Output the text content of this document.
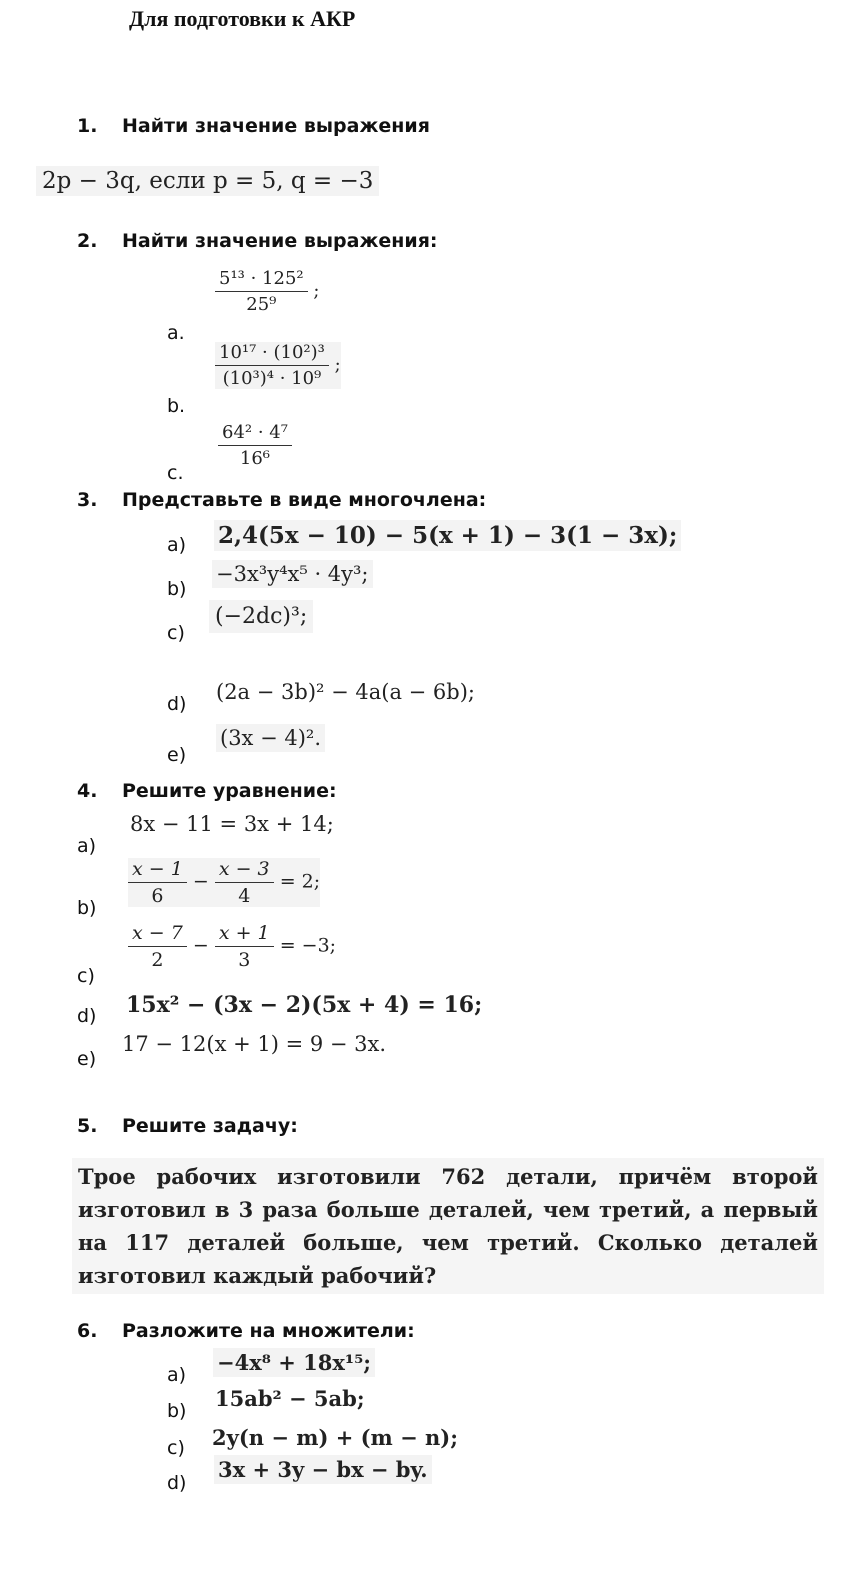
Для подготовки к АКР
1. Найти значение выражения
2p − 3q, если p = 5, q = −3
2. Найти значение выражения:
a.
$\frac{\text{5¹³ · 125²}}{\text{25⁹}}$ ;
b.
$\frac{\text{10¹⁷ · (10²)³}}{\text{(10³)⁴ · 10⁹}}$ ;
c.
$\frac{\text{64² · 4⁷}}{\text{16⁶}}$
3. Представьте в виде многочлена:
a) 2,4(5x − 10) − 5(x + 1) − 3(1 − 3x);
b)
−3x³y⁴x⁵ · 4y³;
c)
(−2dc)³;
d) (2a − 3b)² − 4a(a − 6b);
e)
(3x − 4)².
4. Решите уравнение:
a)
8x − 11 = 3x + 14;
b)
$\frac{x - 1}{6} - \frac{x - 3}{4} = 2$;
c)
$\frac{x - 7}{2} - \frac{x + 1}{3} = -3$;
d) 15x² − (3x − 2)(5x + 4) = 16;
e)
17 − 12(x + 1) = 9 − 3x.
5. Решите задачу:
Трое рабочих изготовили 762 детали, причём второй изготовил в 3 раза больше деталей, чем третий, а первый на 117 деталей больше, чем третий. Сколько деталей изготовил каждый рабочий?
6. Разложите на множители:
a) −4x⁸ + 18x¹⁵;
b) 15ab² − 5ab;
c) 2y(n − m) + (m − n);
d)
3x + 3y − bx − by.
